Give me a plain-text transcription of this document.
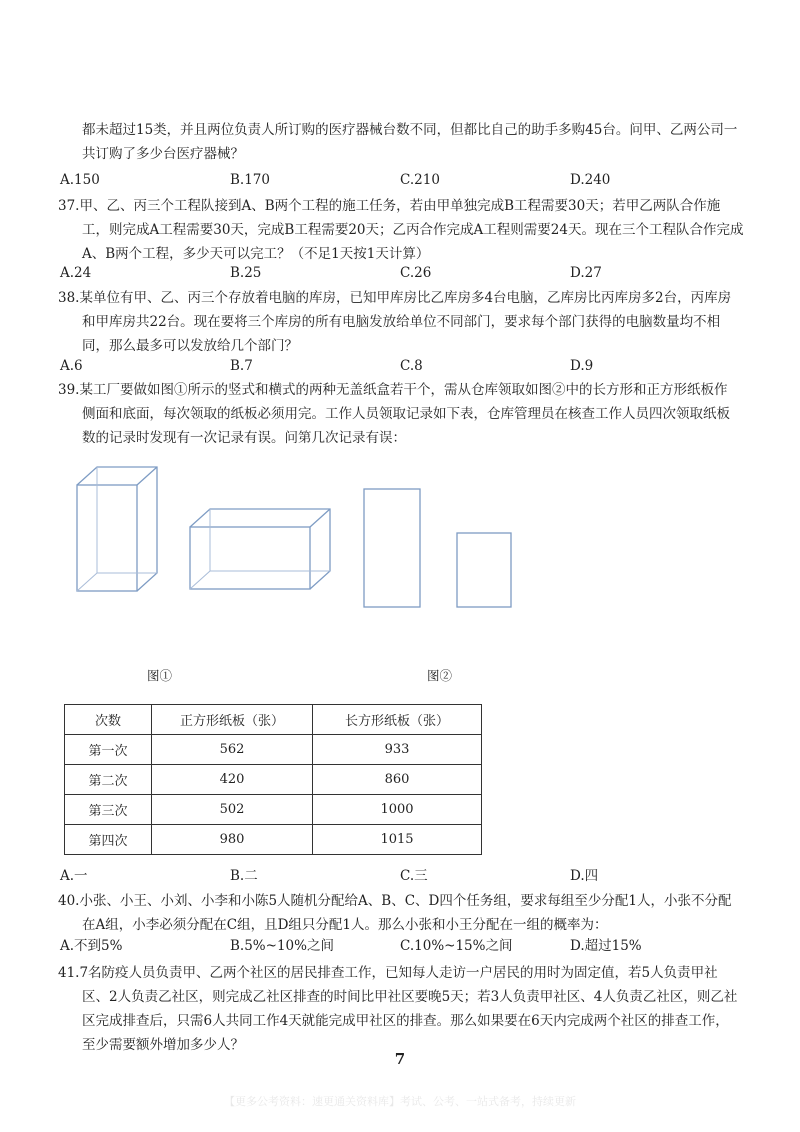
都未超过15类，并且两位负责人所订购的医疗器械台数不同，但都比自己的助手多购45台。问甲、乙两公司一
共订购了多少台医疗器械？

A.150	B.170	C.210	D.240

37.甲、乙、丙三个工程队接到A、B两个工程的施工任务，若由甲单独完成B工程需要30天；若甲乙两队合作施
工，则完成A工程需要30天，完成B工程需要20天；乙丙合作完成A工程则需要24天。现在三个工程队合作完成
A、B两个工程，多少天可以完工？（不足1天按1天计算）

A.24	B.25	C.26	D.27

38.某单位有甲、乙、丙三个存放着电脑的库房，已知甲库房比乙库房多4台电脑，乙库房比丙库房多2台，丙库房
和甲库房共22台。现在要将三个库房的所有电脑发放给单位不同部门，要求每个部门获得的电脑数量均不相
同，那么最多可以发放给几个部门？

A.6	B.7	C.8	D.9

39.某工厂要做如图①所示的竖式和横式的两种无盖纸盒若干个，需从仓库领取如图②中的长方形和正方形纸板作
侧面和底面，每次领取的纸板必须用完。工作人员领取记录如下表，仓库管理员在核查工作人员四次领取纸板
数的记录时发现有一次记录有误。问第几次记录有误：

图①	图②
次数	正方形纸板（张）	长方形纸板（张）
第一次	562	933
第二次	420	860
第三次	502	1000
第四次	980	1015
A.一	B.二	C.三	D.四

40.小张、小王、小刘、小李和小陈5人随机分配给A、B、C、D四个任务组，要求每组至少分配1人，小张不分配
在A组，小李必须分配在C组，且D组只分配1人。那么小张和小王分配在一组的概率为：

A.不到5%	B.5%~10%之间	C.10%~15%之间	D.超过15%

41.7名防疫人员负责甲、乙两个社区的居民排查工作，已知每人走访一户居民的用时为固定值，若5人负责甲社
区、2人负责乙社区，则完成乙社区排查的时间比甲社区要晚5天；若3人负责甲社区、4人负责乙社区，则乙社
区完成排查后，只需6人共同工作4天就能完成甲社区的排查。那么如果要在6天内完成两个社区的排查工作，
至少需要额外增加多少人？

7
【更多公考资料：速更通关资料库】考试、公考、一站式备考，持续更新
